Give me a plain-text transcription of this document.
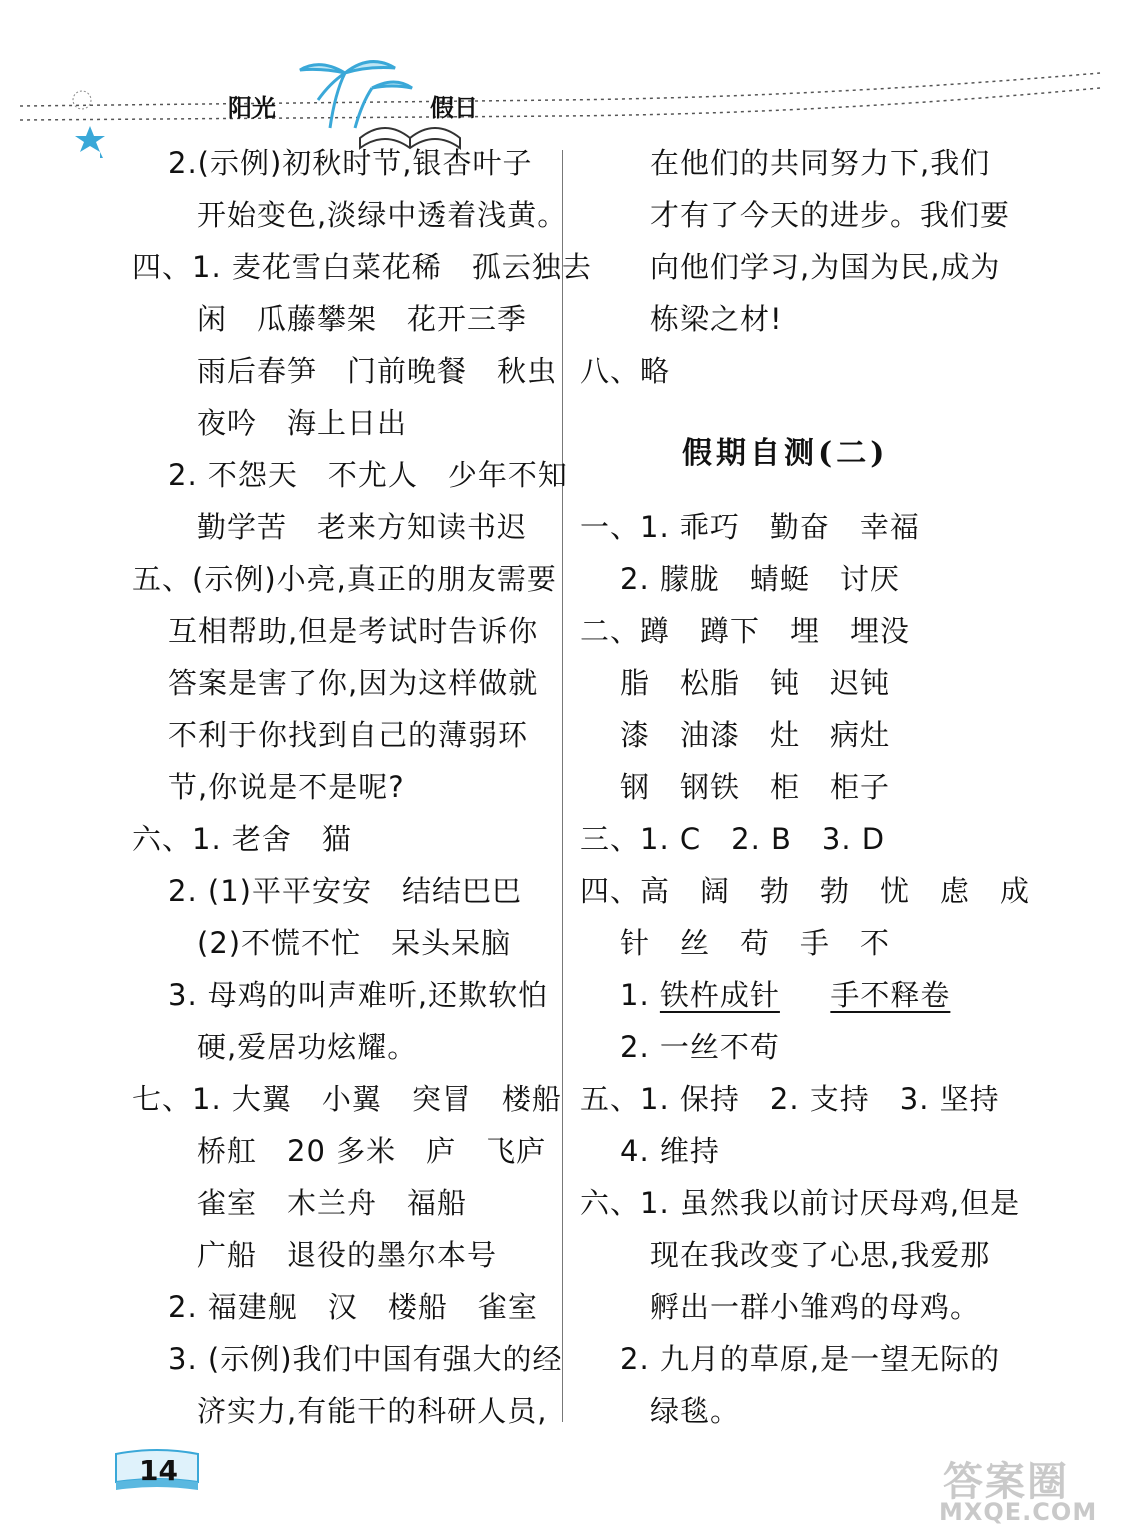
阳光	假日
2.(示例)初秋时节,银杏叶子
开始变色,淡绿中透着浅黄。
四、1. 麦花雪白菜花稀　孤云独去
闲　瓜藤攀架　花开三季
雨后春笋　门前晚餐　秋虫
夜吟　海上日出
2. 不怨天　不尤人　少年不知
勤学苦　老来方知读书迟
五、(示例)小亮,真正的朋友需要
互相帮助,但是考试时告诉你
答案是害了你,因为这样做就
不利于你找到自己的薄弱环
节,你说是不是呢?
六、1. 老舍　猫
2. (1)平平安安　结结巴巴
(2)不慌不忙　呆头呆脑
3. 母鸡的叫声难听,还欺软怕
硬,爱居功炫耀。
七、1. 大翼　小翼　突冒　楼船
桥舡　20 多米　庐　飞庐
雀室　木兰舟　福船
广船　退役的墨尔本号
2. 福建舰　汉　楼船　雀室
3. (示例)我们中国有强大的经
济实力,有能干的科研人员,
在他们的共同努力下,我们
才有了今天的进步。我们要
向他们学习,为国为民,成为
栋梁之材!
八、略
假期自测(二)
一、1. 乖巧　勤奋　幸福
2. 朦胧　蜻蜓　讨厌
二、蹲　蹲下　埋　埋没
脂　松脂　钝　迟钝
漆　油漆　灶　病灶
钢　钢铁　柜　柜子
三、1. C　2. B　3. D
四、高　阔　勃　勃　忧　虑　成
针　丝　苟　手　不
1. 铁杵成针 　 手不释卷
2. 一丝不苟
五、1. 保持　2. 支持　3. 坚持
4. 维持
六、1. 虽然我以前讨厌母鸡,但是
现在我改变了心思,我爱那
孵出一群小雏鸡的母鸡。
2. 九月的草原,是一望无际的
绿毯。
14	答案圈
MXQE.COM
